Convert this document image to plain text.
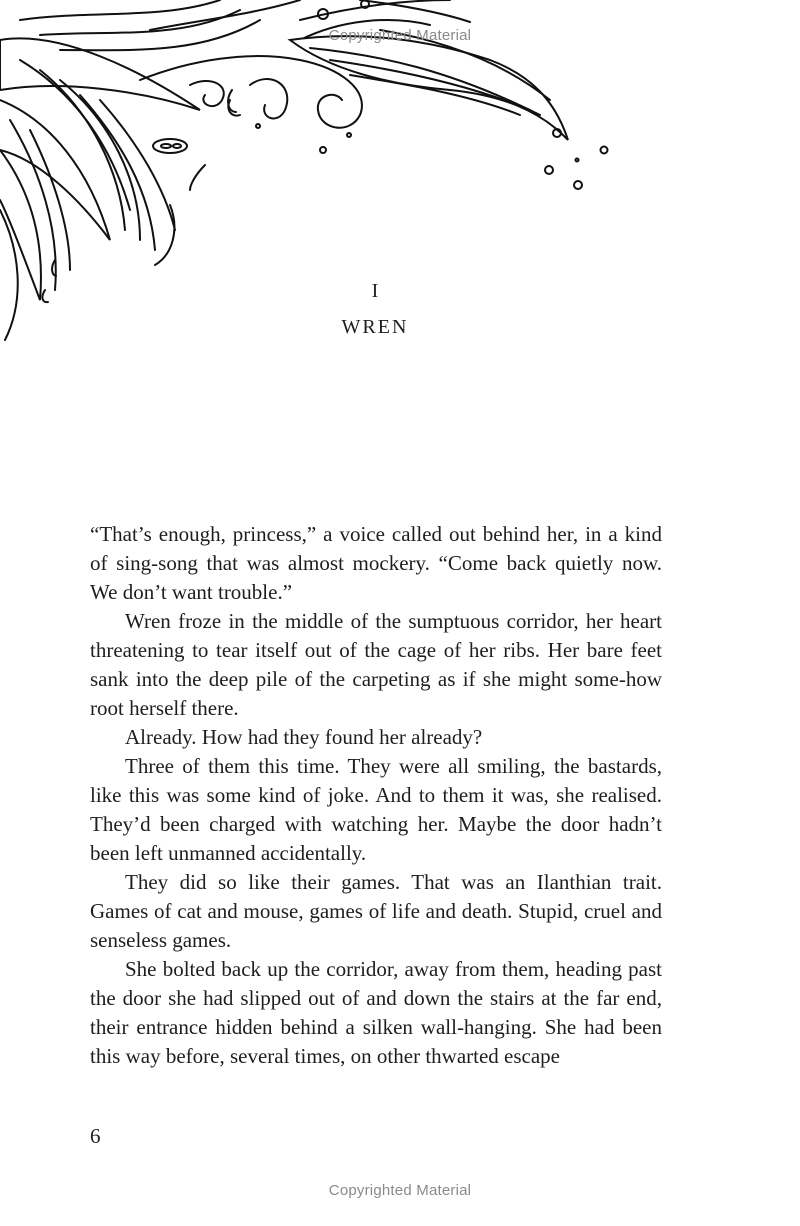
Copyrighted Material
I
WREN

“That’s enough, princess,” a voice called out behind her, in a kind of sing-song that was almost mockery. “Come back quietly now. We don’t want trouble.”

Wren froze in the middle of the sumptuous corridor, her heart threatening to tear itself out of the cage of her ribs. Her bare feet sank into the deep pile of the carpeting as if she might some-how root herself there.

Already. How had they found her already?

Three of them this time. They were all smiling, the bastards, like this was some kind of joke. And to them it was, she realised. They’d been charged with watching her. Maybe the door hadn’t been left unmanned accidentally.

They did so like their games. That was an Ilanthian trait. Games of cat and mouse, games of life and death. Stupid, cruel and senseless games.

She bolted back up the corridor, away from them, heading past the door she had slipped out of and down the stairs at the far end, their entrance hidden behind a silken wall-hanging. She had been this way before, several times, on other thwarted escape

6
Copyrighted Material
